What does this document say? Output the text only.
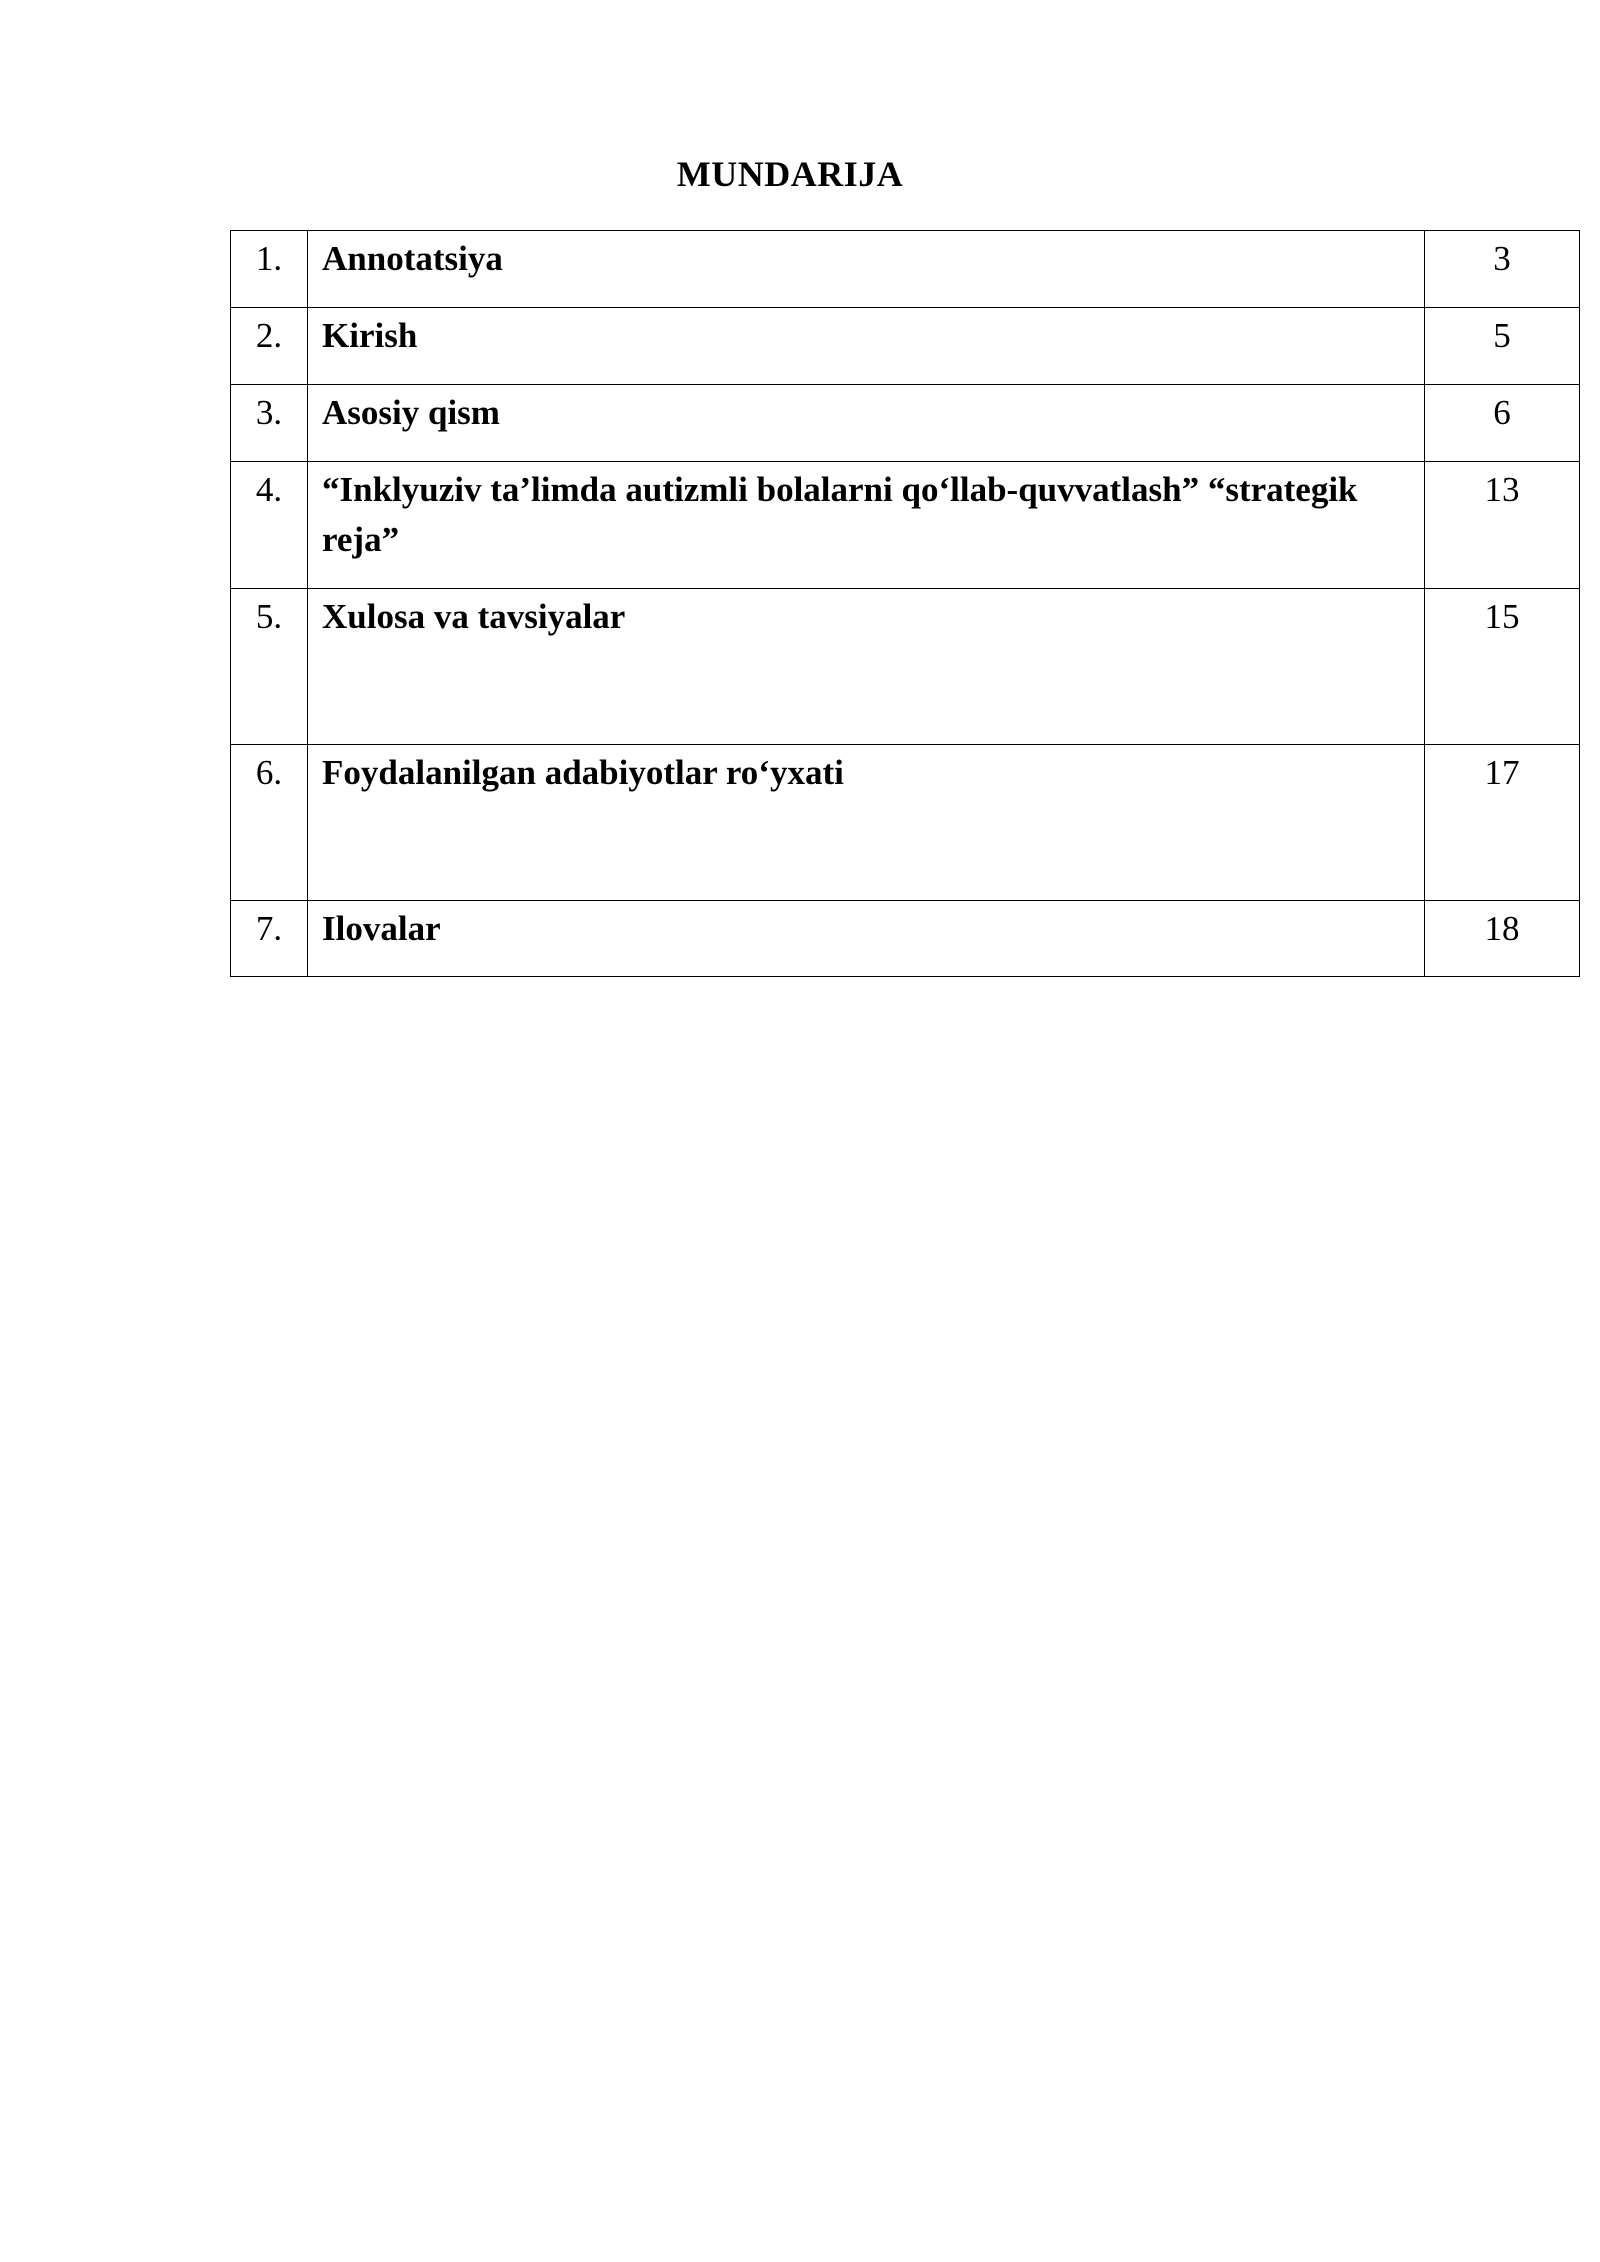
MUNDARIJA
1.	Annotatsiya	3

2.	Kirish	5

3.	Asosiy qism	6

4.	“Inklyuziv ta’limda autizmli bolalarni qo‘llab-quvvatlash” “strategik reja”	13

5.	Xulosa va tavsiyalar	15

6.	Foydalanilgan adabiyotlar ro‘yxati	17

7.	Ilovalar	18
